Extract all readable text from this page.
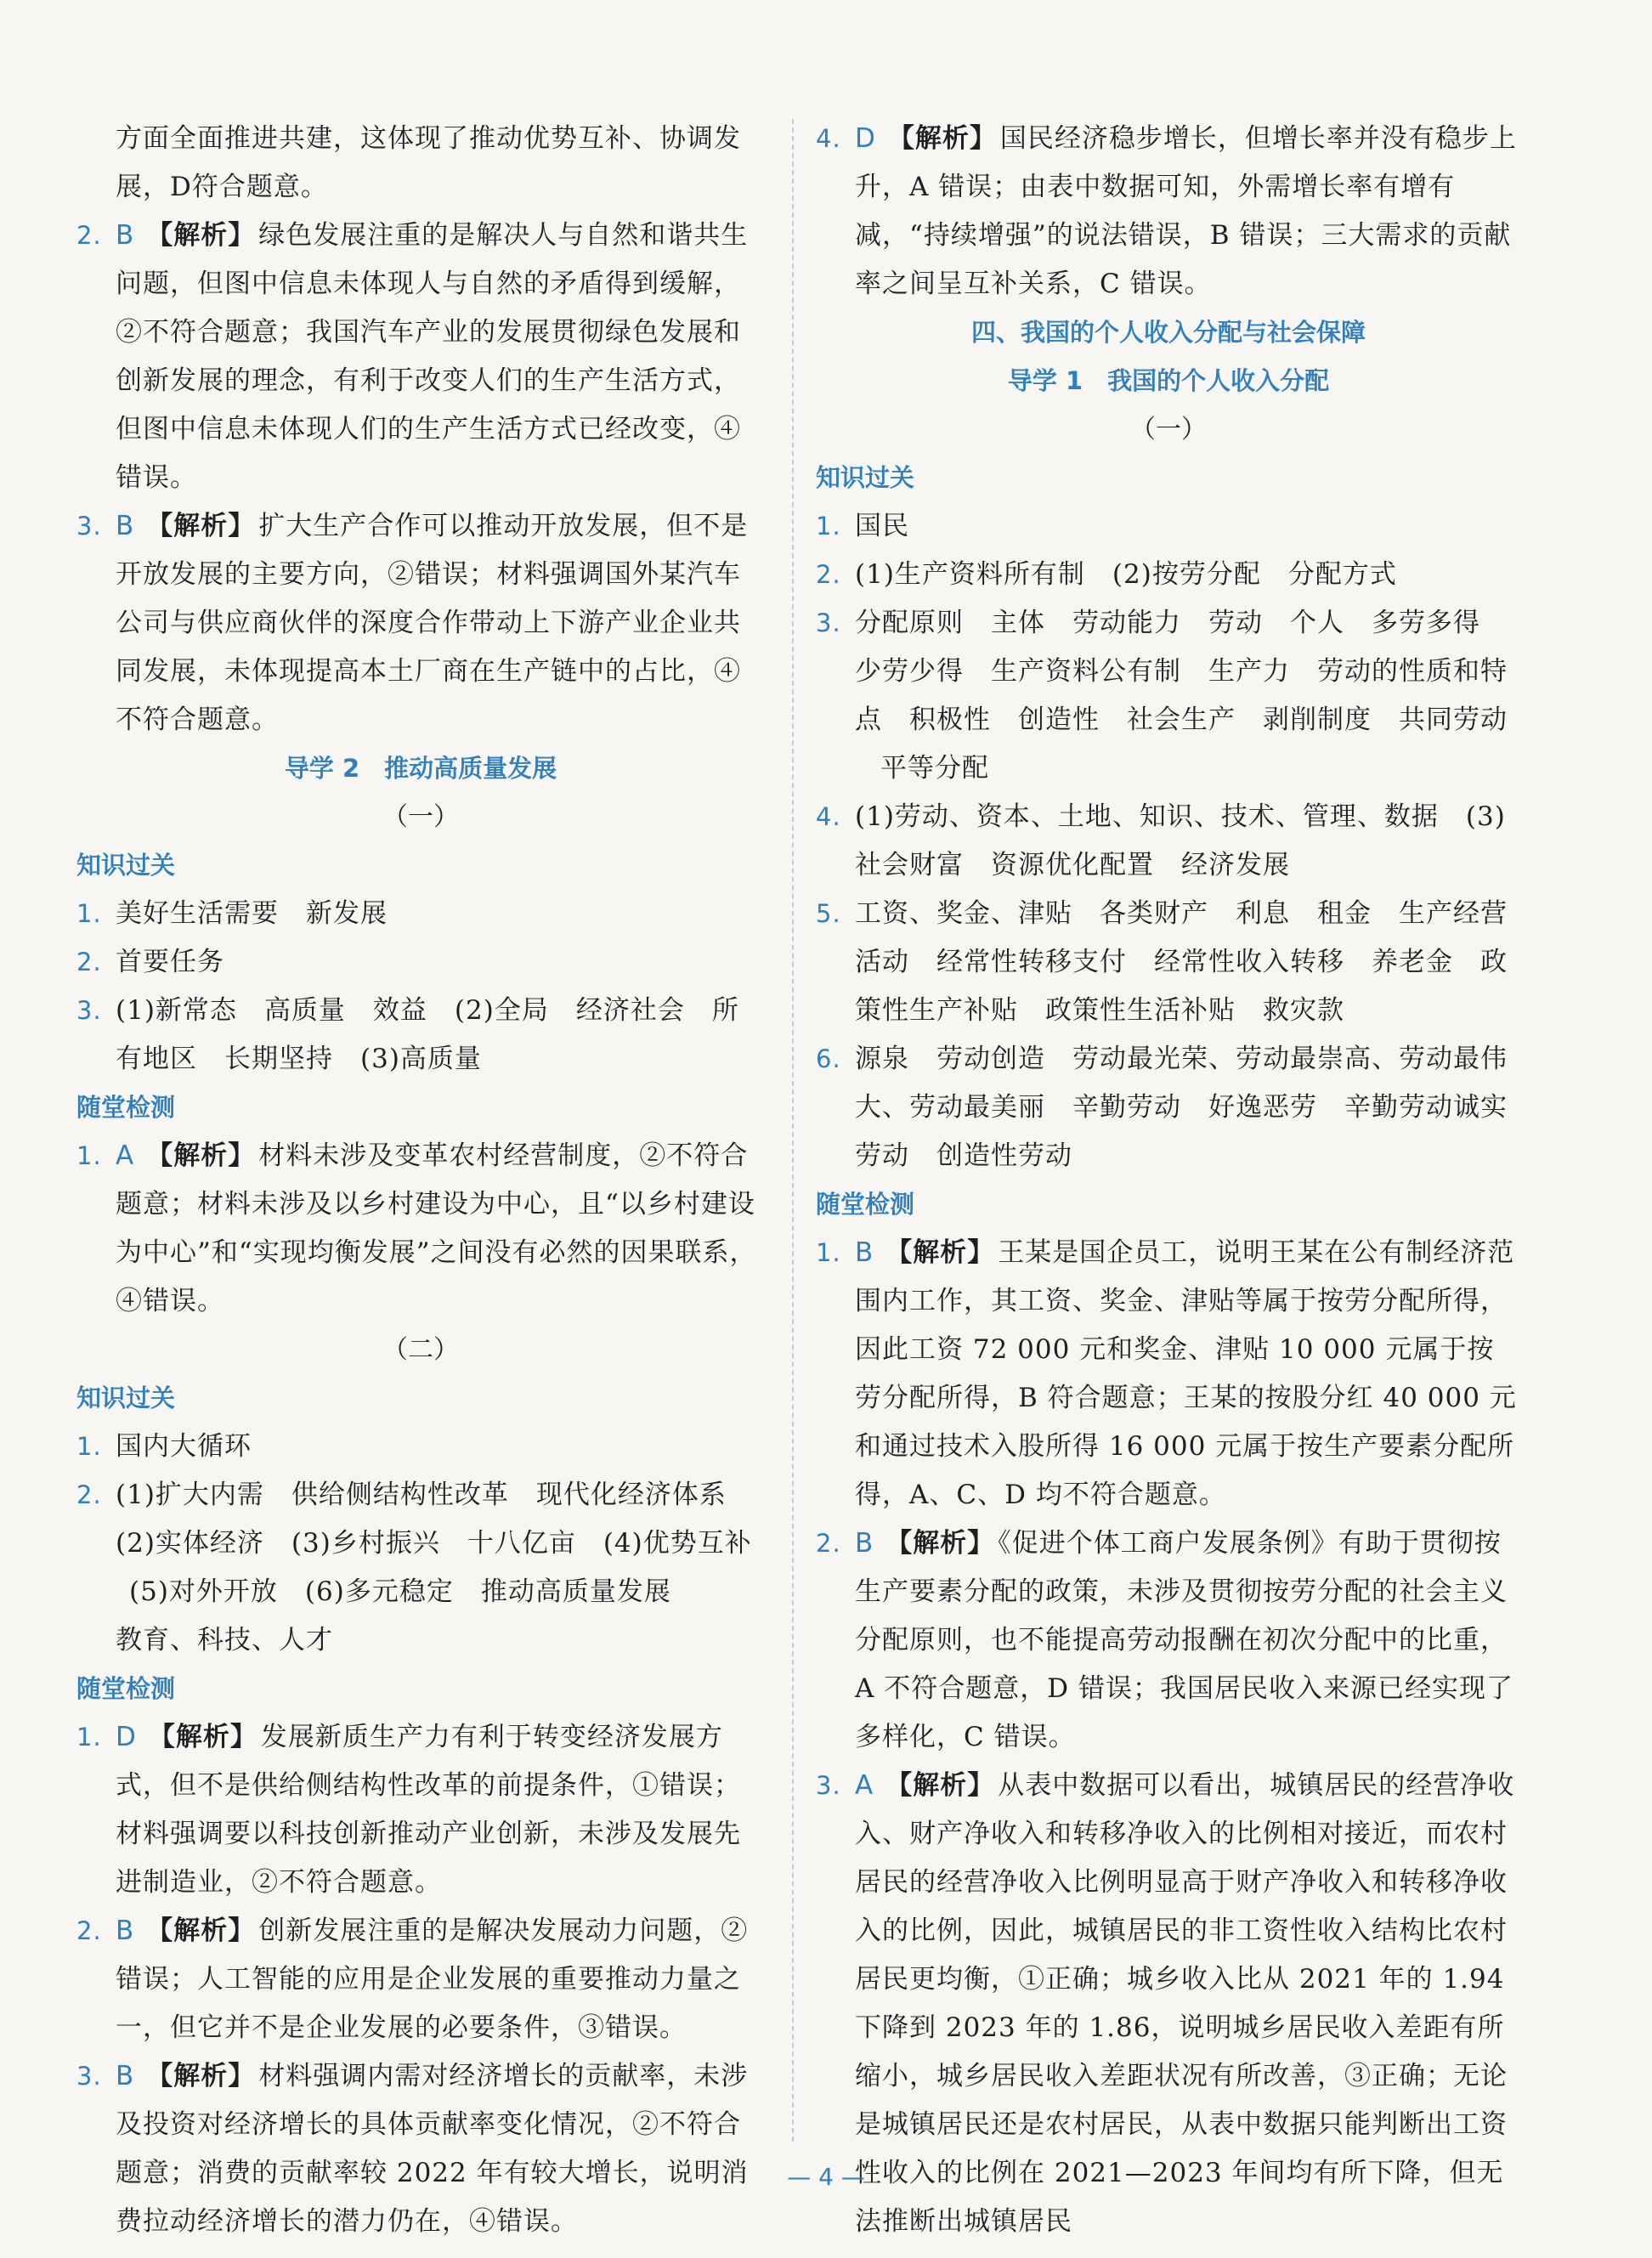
方面全面推进共建，这体现了推动优势互补、协调发展，D符合题意。
2. B 【解析】 绿色发展注重的是解决人与自然和谐共生问题，但图中信息未体现人与自然的矛盾得到缓解，②不符合题意；我国汽车产业的发展贯彻绿色发展和创新发展的理念，有利于改变人们的生产生活方式，但图中信息未体现人们的生产生活方式已经改变，④错误。
3. B 【解析】 扩大生产合作可以推动开放发展，但不是开放发展的主要方向，②错误；材料强调国外某汽车公司与供应商伙伴的深度合作带动上下游产业企业共同发展，未体现提高本土厂商在生产链中的占比，④不符合题意。
导学 2　推动高质量发展
（一）
知识过关
1. 美好生活需要　新发展
2. 首要任务
3. (1)新常态　高质量　效益　(2)全局　经济社会　所有地区　长期坚持　(3)高质量
随堂检测
1. A 【解析】 材料未涉及变革农村经营制度，②不符合题意；材料未涉及以乡村建设为中心，且“以乡村建设为中心”和“实现均衡发展”之间没有必然的因果联系，④错误。
（二）
知识过关
1. 国内大循环
2. (1)扩大内需　供给侧结构性改革　现代化经济体系
(2)实体经济　(3)乡村振兴　十八亿亩　(4)优势互补
(5)对外开放　(6)多元稳定　推动高质量发展
教育、科技、人才
随堂检测
1. D 【解析】 发展新质生产力有利于转变经济发展方式，但不是供给侧结构性改革的前提条件，①错误；材料强调要以科技创新推动产业创新，未涉及发展先进制造业，②不符合题意。
2. B 【解析】 创新发展注重的是解决发展动力问题，②错误；人工智能的应用是企业发展的重要推动力量之一，但它并不是企业发展的必要条件，③错误。
3. B 【解析】 材料强调内需对经济增长的贡献率，未涉及投资对经济增长的具体贡献率变化情况，②不符合题意；消费的贡献率较 2022 年有较大增长，说明消费拉动经济增长的潜力仍在，④错误。
4. D 【解析】 国民经济稳步增长，但增长率并没有稳步上升，A 错误；由表中数据可知，外需增长率有增有减，“持续增强”的说法错误，B 错误；三大需求的贡献率之间呈互补关系，C 错误。
四、我国的个人收入分配与社会保障
导学 1　我国的个人收入分配
（一）
知识过关
1. 国民
2. (1)生产资料所有制　(2)按劳分配　分配方式
3. 分配原则　主体　劳动能力　劳动　个人　多劳多得　少劳少得　生产资料公有制　生产力　劳动的性质和特点　积极性　创造性　社会生产　剥削制度　共同劳动
平等分配
4. (1)劳动、资本、土地、知识、技术、管理、数据　(3)社会财富　资源优化配置　经济发展
5. 工资、奖金、津贴　各类财产　利息　租金　生产经营活动　经常性转移支付　经常性收入转移　养老金　政策性生产补贴　政策性生活补贴　救灾款
6. 源泉　劳动创造　劳动最光荣、劳动最崇高、劳动最伟大、劳动最美丽　辛勤劳动　好逸恶劳　辛勤劳动诚实劳动　创造性劳动
随堂检测
1. B 【解析】 王某是国企员工，说明王某在公有制经济范围内工作，其工资、奖金、津贴等属于按劳分配所得，因此工资 72 000 元和奖金、津贴 10 000 元属于按劳分配所得，B 符合题意；王某的按股分红 40 000 元和通过技术入股所得 16 000 元属于按生产要素分配所得，A、C、D 均不符合题意。
2. B 【解析】 《促进个体工商户发展条例》有助于贯彻按生产要素分配的政策，未涉及贯彻按劳分配的社会主义分配原则，也不能提高劳动报酬在初次分配中的比重，A 不符合题意，D 错误；我国居民收入来源已经实现了多样化，C 错误。
3. A 【解析】 从表中数据可以看出，城镇居民的经营净收入、财产净收入和转移净收入的比例相对接近，而农村居民的经营净收入比例明显高于财产净收入和转移净收入的比例，因此，城镇居民的非工资性收入结构比农村居民更均衡，①正确；城乡收入比从 2021 年的 1.94 下降到 2023 年的 1.86，说明城乡居民收入差距有所缩小，城乡居民收入差距状况有所改善，③正确；无论是城镇居民还是农村居民，从表中数据只能判断出工资性收入的比例在 2021—2023 年间均有所下降，但无法推断出城镇居民
— 4 —
